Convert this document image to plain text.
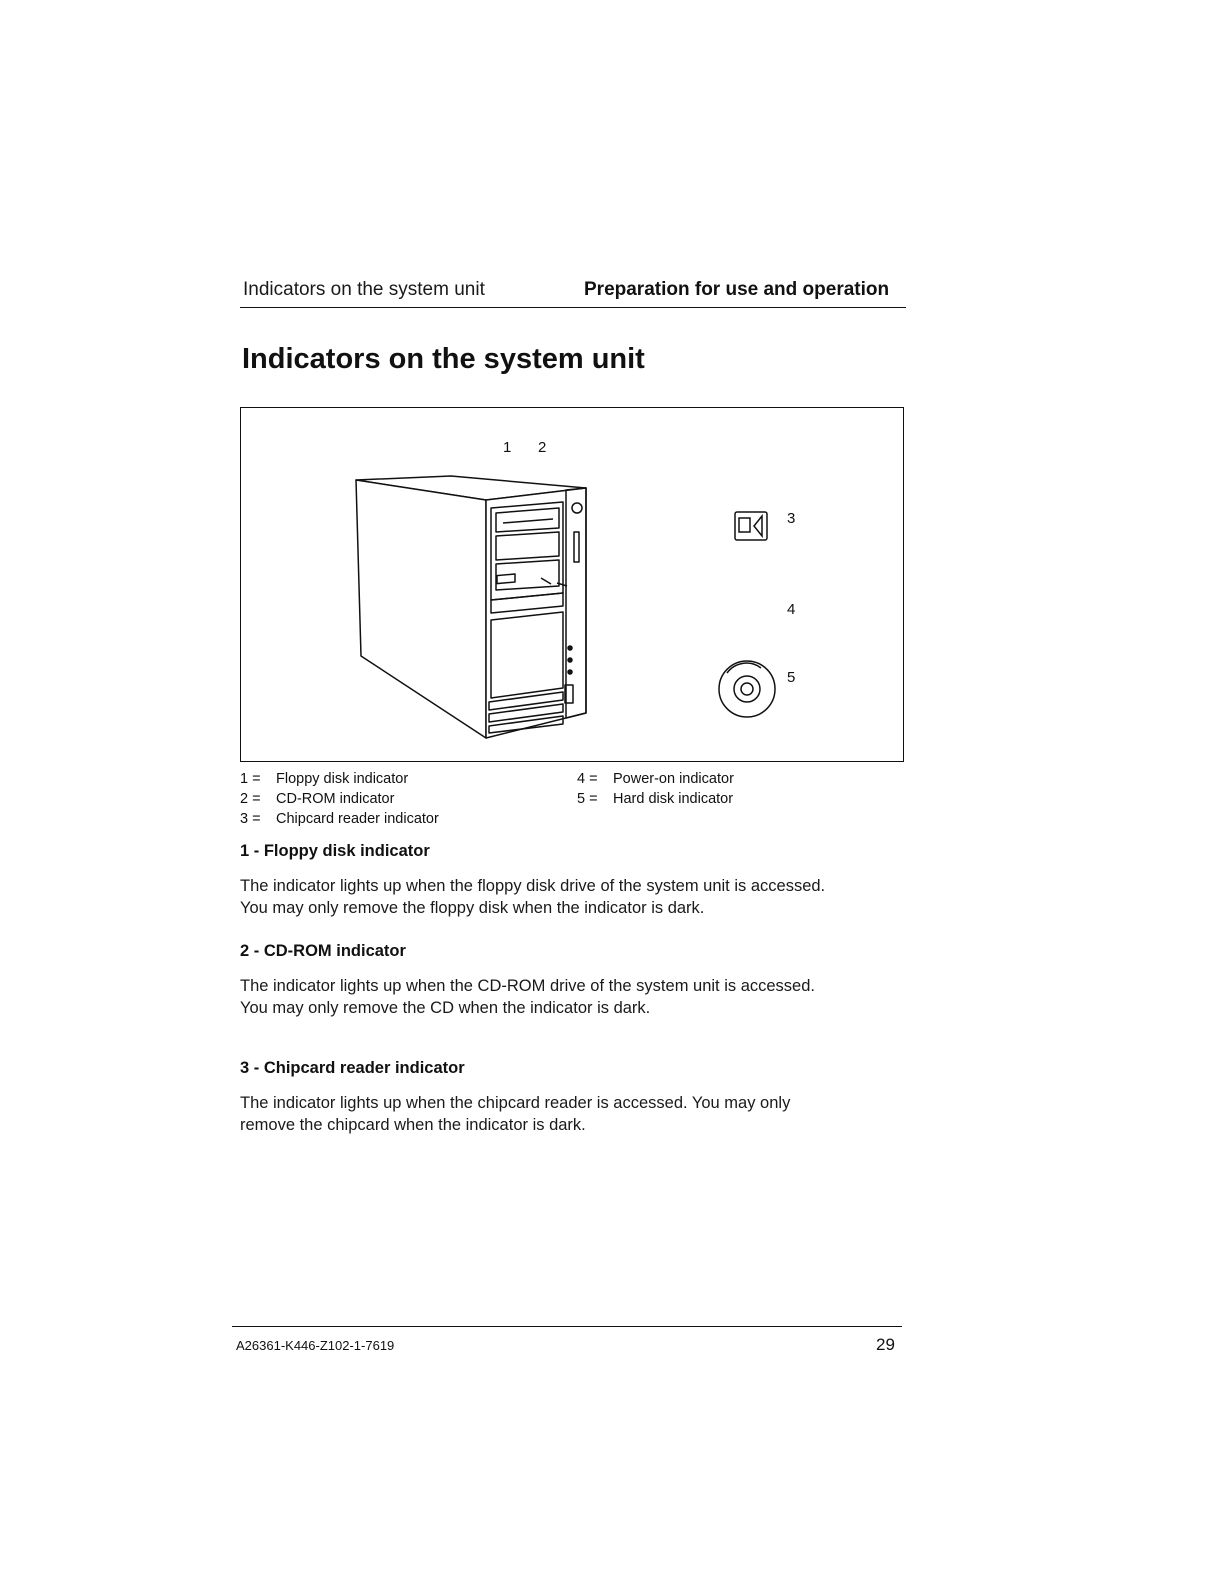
Indicators on the system unit	Preparation for use and operation
Indicators on the system unit
1 2
3
4
5
1 = Floppy disk indicator
2 = CD-ROM indicator
3 = Chipcard reader indicator
4 = Power-on indicator
5 = Hard disk indicator
1 - Floppy disk indicator

The indicator lights up when the floppy disk drive of the system unit is accessed.

You may only remove the floppy disk when the indicator is dark.

2 - CD-ROM indicator

The indicator lights up when the CD-ROM drive of the system unit is accessed.

You may only remove the CD when the indicator is dark.

3 - Chipcard reader indicator

The indicator lights up when the chipcard reader is accessed. You may only

remove the chipcard when the indicator is dark.

A26361-K446-Z102-1-7619	29
